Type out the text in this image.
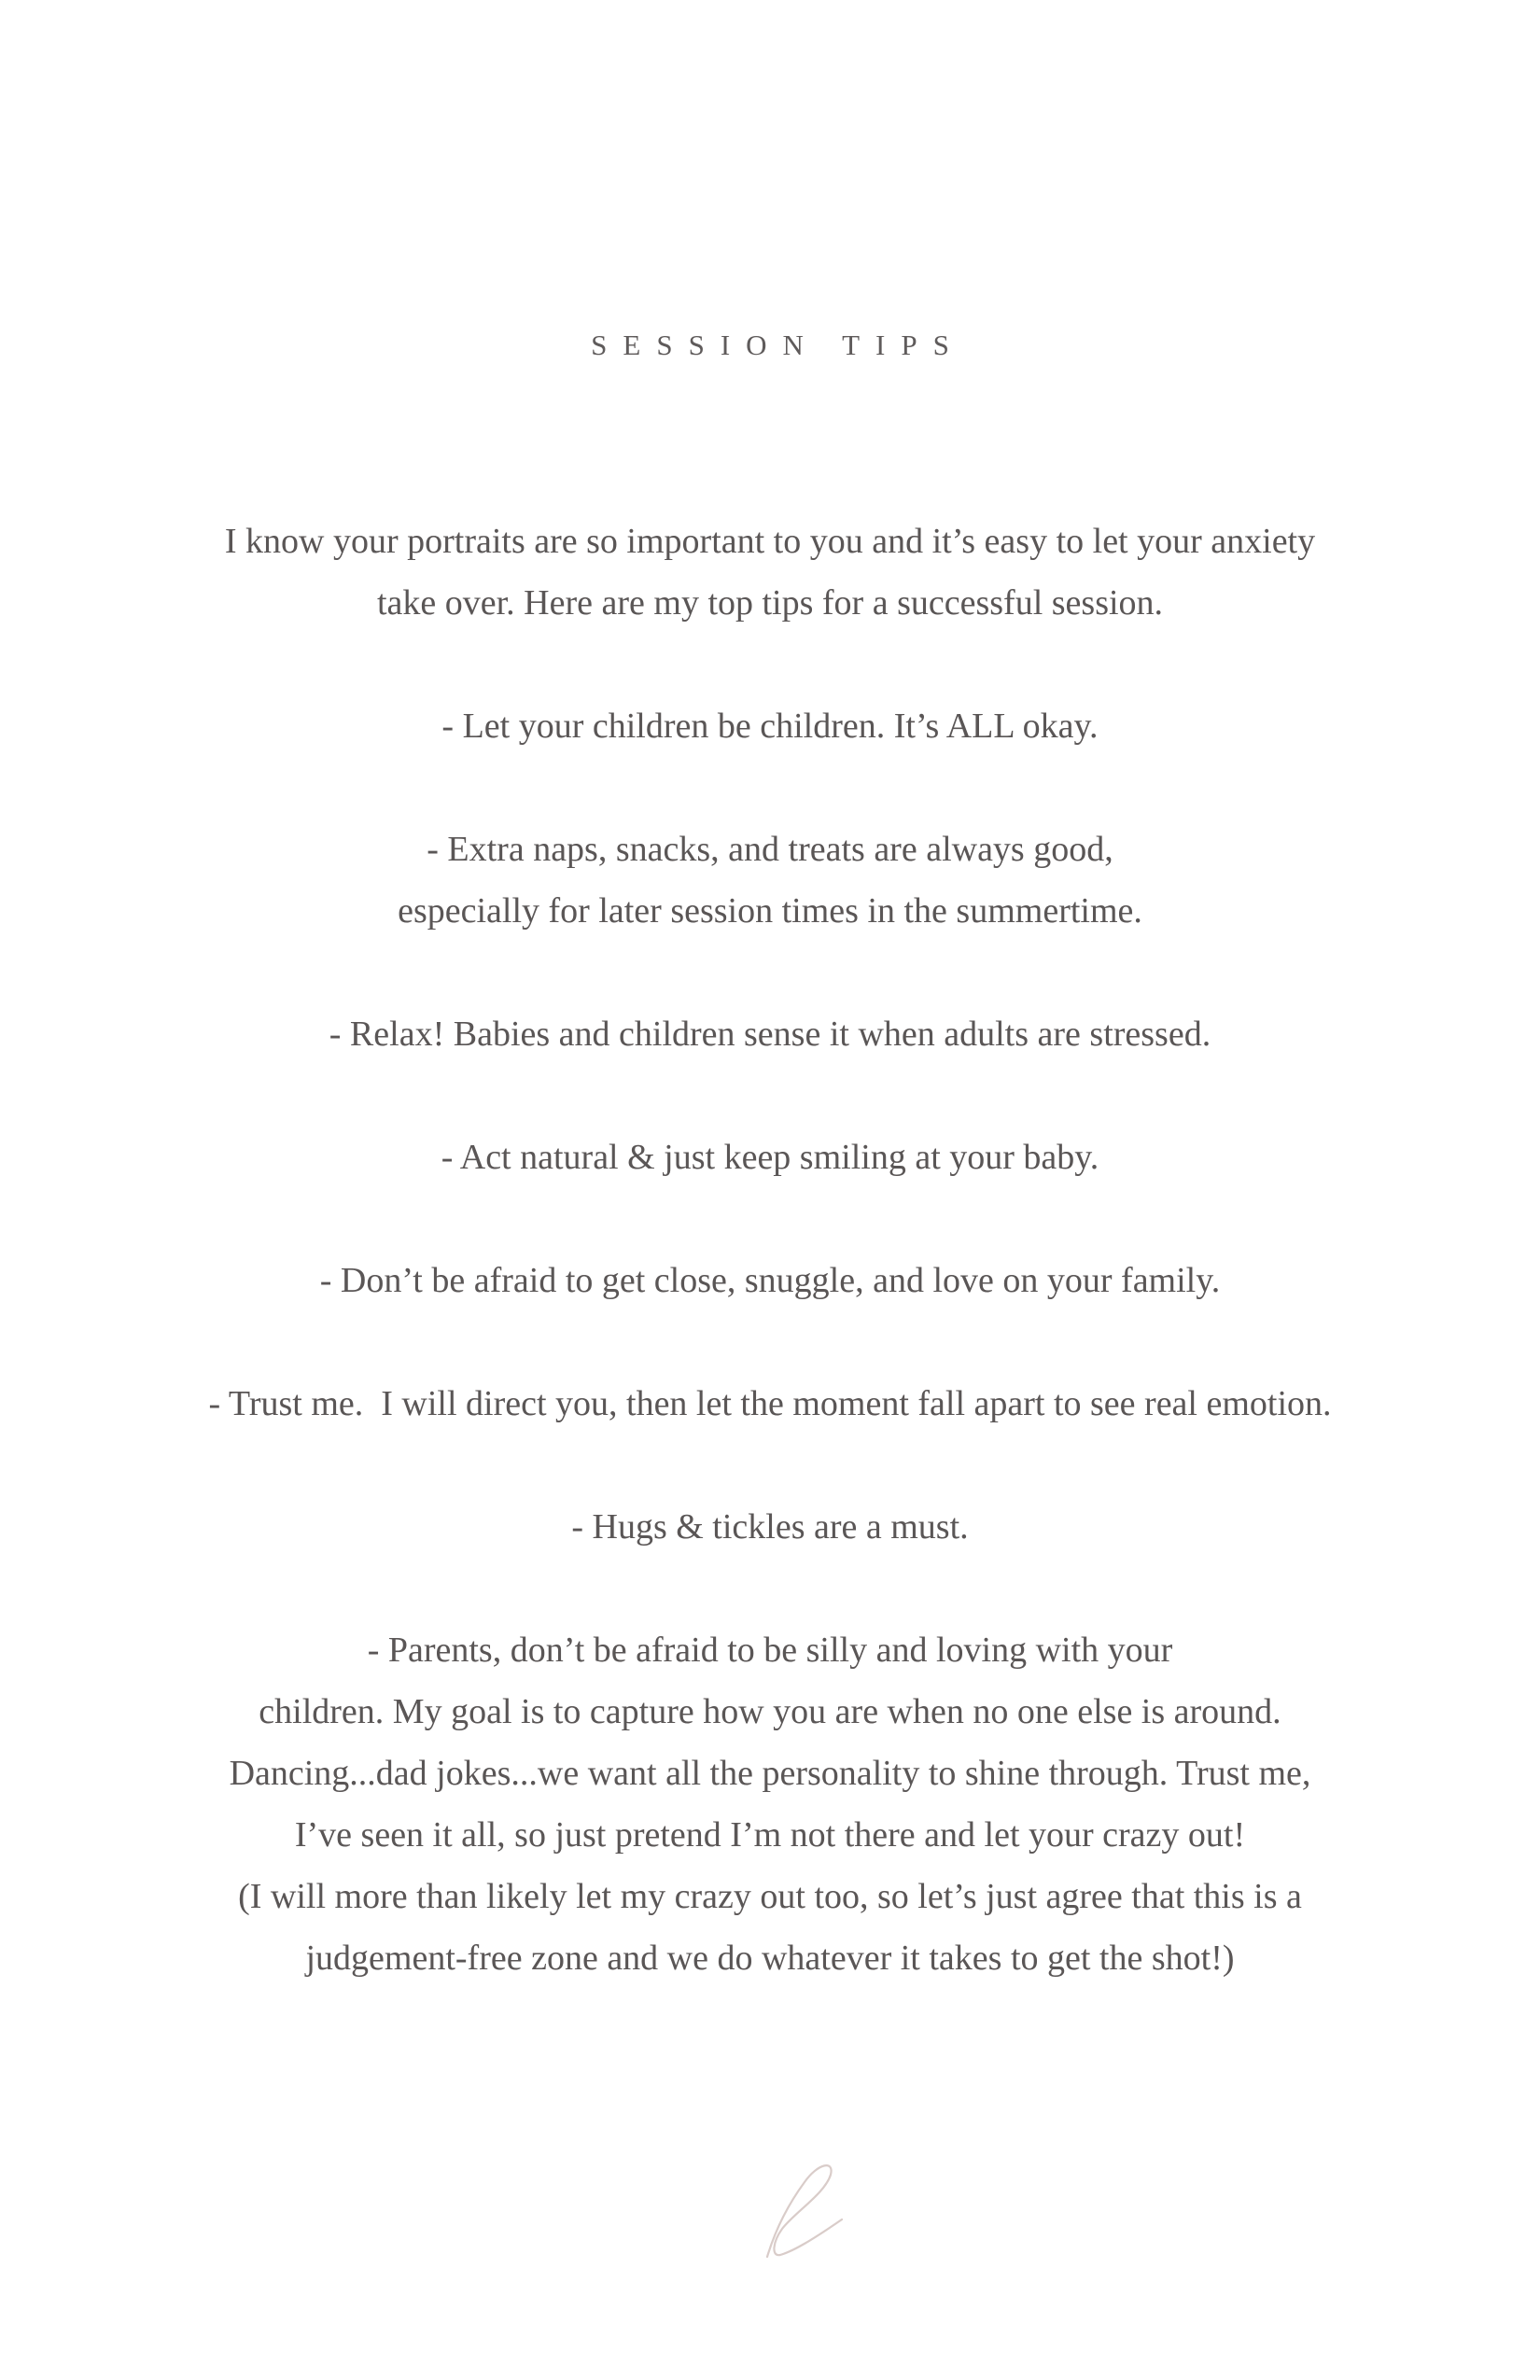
SESSION TIPS

I know your portraits are so important to you and it’s easy to let your anxiety
take over. Here are my top tips for a successful session.

- Let your children be children. It’s ALL okay.

- Extra naps, snacks, and treats are always good,
especially for later session times in the summertime.

- Relax! Babies and children sense it when adults are stressed.

- Act natural & just keep smiling at your baby.

- Don’t be afraid to get close, snuggle, and love on your family.

- Trust me.  I will direct you, then let the moment fall apart to see real emotion.

- Hugs & tickles are a must.

- Parents, don’t be afraid to be silly and loving with your
children. My goal is to capture how you are when no one else is around.
Dancing...dad jokes...we want all the personality to shine through. Trust me,
I’ve seen it all, so just pretend I’m not there and let your crazy out!
(I will more than likely let my crazy out too, so let’s just agree that this is a
judgement-free zone and we do whatever it takes to get the shot!)
